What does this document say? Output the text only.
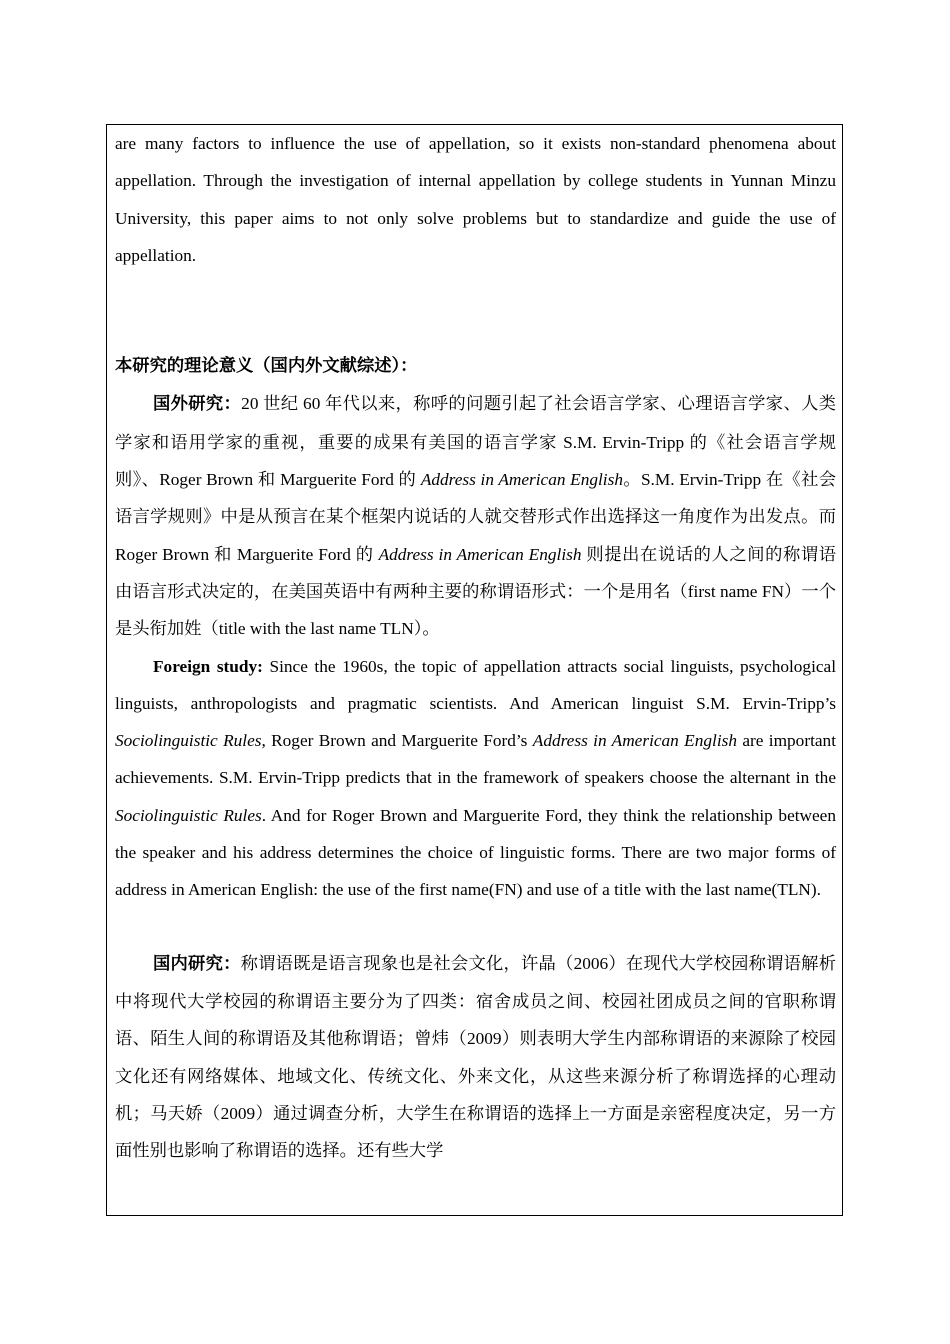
are many factors to influence the use of appellation, so it exists non-standard phenomena about appellation. Through the investigation of internal appellation by college students in Yunnan Minzu University, this paper aims to not only solve problems but to standardize and guide the use of appellation.

本研究的理论意义（国内外文献综述）：

国外研究：20 世纪 60 年代以来，称呼的问题引起了社会语言学家、心理语言学家、人类学家和语用学家的重视，重要的成果有美国的语言学家 S.M. Ervin-Tripp 的《社会语言学规则》、Roger Brown 和 Marguerite Ford 的 Address in American English。S.M. Ervin-Tripp 在《社会语言学规则》中是从预言在某个框架内说话的人就交替形式作出选择这一角度作为出发点。而 Roger Brown 和 Marguerite Ford 的 Address in American English 则提出在说话的人之间的称谓语由语言形式决定的，在美国英语中有两种主要的称谓语形式：一个是用名（first name FN）一个是头衔加姓（title with the last name TLN）。

Foreign study: Since the 1960s, the topic of appellation attracts social linguists, psychological linguists, anthropologists and pragmatic scientists. And American linguist S.M. Ervin-Tripp’s Sociolinguistic Rules, Roger Brown and Marguerite Ford’s Address in American English are important achievements. S.M. Ervin-Tripp predicts that in the framework of speakers choose the alternant in the Sociolinguistic Rules. And for Roger Brown and Marguerite Ford, they think the relationship between the speaker and his address determines the choice of linguistic forms. There are two major forms of address in American English: the use of the first name(FN) and use of a title with the last name(TLN).

国内研究：称谓语既是语言现象也是社会文化，许晶（2006）在现代大学校园称谓语解析中将现代大学校园的称谓语主要分为了四类：宿舍成员之间、校园社团成员之间的官职称谓语、陌生人间的称谓语及其他称谓语；曾炜（2009）则表明大学生内部称谓语的来源除了校园文化还有网络媒体、地域文化、传统文化、外来文化，从这些来源分析了称谓选择的心理动机；马天娇（2009）通过调查分析，大学生在称谓语的选择上一方面是亲密程度决定，另一方面性别也影响了称谓语的选择。还有些大学
